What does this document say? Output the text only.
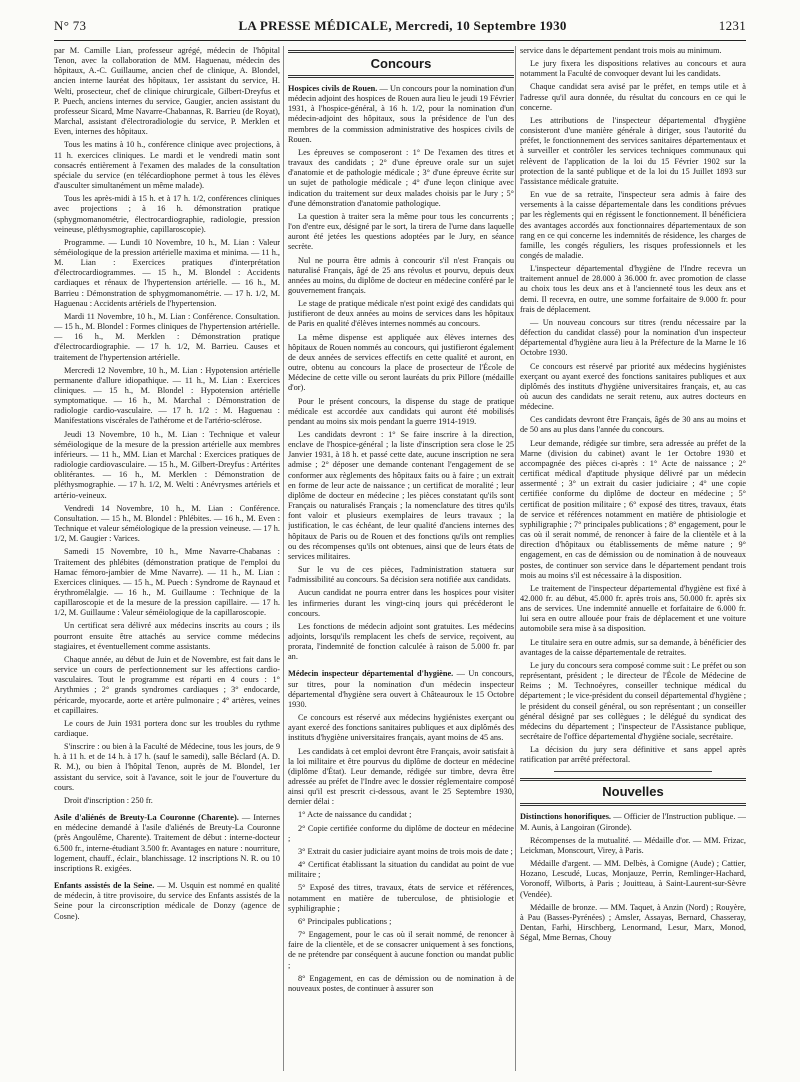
N° 73	LA PRESSE MÉDICALE, Mercredi, 10 Septembre 1930	1231

par M. Camille Lian, professeur agrégé, médecin de l'hôpital Tenon, avec la collaboration de MM. Haguenau, médecin des hôpitaux, A.-C. Guillaume, ancien chef de clinique, A. Blondel, ancien interne lauréat des hôpitaux, 1er assistant du service, H. Welti, prosecteur, chef de clinique chirurgicale, Gilbert-Dreyfus et P. Puech, anciens internes du service, Gaugier, ancien assistant du professeur Sicard, Mme Navarre-Chabannas, R. Barrieu (de Royat), Marchal, assistant d'électroradiologie du service, P. Merklen et Even, internes des hôpitaux.

Tous les matins à 10 h., conférence clinique avec projections, à 11 h. exercices cliniques. Le mardi et le vendredi matin sont consacrés entièrement à l'examen des malades de la consultation spéciale du service (en télécardiophone permet à tous les élèves d'ausculter simultanément un même malade).

Tous les après-midi à 15 h. et à 17 h. 1/2, conférences cliniques avec projections ; à 16 h. démonstration pratique (sphygmomanométrie, électrocardiographie, radiologie, pression veineuse, pléthysmographie, capillaroscopie).

Programme. — Lundi 10 Novembre, 10 h., M. Lian : Valeur séméiologique de la pression artérielle maxima et minima. — 11 h., M. Lian : Exercices pratiques d'interprétation d'électrocardiogrammes. — 15 h., M. Blondel : Accidents cardiaques et rénaux de l'hypertension artérielle. — 16 h., M. Barrieu : Démonstration de sphygmomanométrie. — 17 h. 1/2, M. Haguenau : Accidents artériels de l'hypertension.

Mardi 11 Novembre, 10 h., M. Lian : Conférence. Consultation. — 15 h., M. Blondel : Formes cliniques de l'hypertension artérielle. — 16 h., M. Merklen : Démonstration pratique d'électrocardiographie. — 17 h. 1/2, M. Barrieu. Causes et traitement de l'hypertension artérielle.

Mercredi 12 Novembre, 10 h., M. Lian : Hypotension artérielle permanente d'allure idiopathique. — 11 h., M. Lian : Exercices cliniques. — 15 h., M. Blondel : Hypotension artérielle symptomatique. — 16 h., M. Marchal : Démonstration de radiologie cardio-vasculaire. — 17 h. 1/2 : M. Haguenau : Manifestations viscérales de l'athérome et de l'artério-sclérose.

Jeudi 13 Novembre, 10 h., M. Lian : Technique et valeur séméiologique de la mesure de la pression artérielle aux membres inférieurs. — 11 h., MM. Lian et Marchal : Exercices pratiques de radiologie cardiovasculaire. — 15 h., M. Gilbert-Dreyfus : Artérites oblitérantes. — 16 h., M. Merklen : Démonstration de pléthysmographie. — 17 h. 1/2, M. Welti : Anévrysmes artériels et artério-veineux.

Vendredi 14 Novembre, 10 h., M. Lian : Conférence. Consultation. — 15 h., M. Blondel : Phlébites. — 16 h., M. Even : Technique et valeur séméiologique de la pression veineuse. — 17 h. 1/2, M. Gaugier : Varices.

Samedi 15 Novembre, 10 h., Mme Navarre-Chabanas : Traitement des phlébites (démonstration pratique de l'emploi du Hamac fémoro-jambier de Mme Navarre). — 11 h., M. Lian : Exercices cliniques. — 15 h., M. Puech : Syndrome de Raynaud et érythromélalgie. — 16 h., M. Guillaume : Technique de la capillaroscopie et de la mesure de la pression capillaire. — 17 h. 1/2, M. Guillaume : Valeur séméiologique de la capillaroscopie.

Un certificat sera délivré aux médecins inscrits au cours ; ils pourront ensuite être attachés au service comme médecins stagiaires, et éventuellement comme assistants.

Chaque année, au début de Juin et de Novembre, est fait dans le service un cours de perfectionnement sur les affections cardio-vasculaires. Tout le programme est réparti en 4 cours : 1° Arythmies ; 2° grands syndromes cardiaques ; 3° endocarde, péricarde, myocarde, aorte et artère pulmonaire ; 4° artères, veines et capillaires.

Le cours de Juin 1931 portera donc sur les troubles du rythme cardiaque.

S'inscrire : ou bien à la Faculté de Médecine, tous les jours, de 9 h. à 11 h. et de 14 h. à 17 h. (sauf le samedi), salle Béclard (A. D. R. M.), ou bien à l'hôpital Tenon, auprès de M. Blondel, 1er assistant du service, soit à l'avance, soit le jour de l'ouverture du cours.

Droit d'inscription : 250 fr.

Asile d'aliénés de Breuty-La Couronne (Charente). — Internes en médecine demandé à l'asile d'aliénés de Breuty-La Couronne (près Angoulême, Charente). Traitement de début : interne-docteur 6.500 fr., interne-étudiant 3.500 fr. Avantages en nature : nourriture, logement, chauff., éclair., blanchissage. 12 inscriptions N. R. ou 10 inscriptions R. exigées.

Enfants assistés de la Seine. — M. Usquin est nommé en qualité de médecin, à titre provisoire, du service des Enfants assistés de la Seine pour la circonscription médicale de Donzy (agence de Cosne).

Concours

Hospices civils de Rouen. — Un concours pour la nomination d'un médecin adjoint des hospices de Rouen aura lieu le jeudi 19 Février 1931, à l'hospice-général, à 16 h. 1/2, pour la nomination d'un médecin-adjoint des hôpitaux, sous la présidence de l'un des membres de la commission administrative des hospices civils de Rouen.

Les épreuves se composeront : 1° De l'examen des titres et travaux des candidats ; 2° d'une épreuve orale sur un sujet d'anatomie et de pathologie médicale ; 3° d'une épreuve écrite sur un sujet de pathologie médicale ; 4° d'une leçon clinique avec indication du traitement sur deux malades choisis par le Jury ; 5° d'une démonstration d'anatomie pathologique.

La question à traiter sera la même pour tous les concurrents ; l'on d'entre eux, désigné par le sort, la tirera de l'urne dans laquelle auront été jetées les questions adoptées par le Jury, en séance secrète.

Nul ne pourra être admis à concourir s'il n'est Français ou naturalisé Français, âgé de 25 ans révolus et pourvu, depuis deux années au moins, du diplôme de docteur en médecine conféré par le gouvernement français.

Le stage de pratique médicale n'est point exigé des candidats qui justifieront de deux années au moins de services dans les hôpitaux de Paris en qualité d'élèves internes nommés au concours.

La même dispense est appliquée aux élèves internes des hôpitaux de Rouen nommés au concours, qui justifieront également de deux années de services effectifs en cette qualité et auront, en outre, obtenu au concours la place de prosecteur de l'École de Médecine de cette ville ou seront lauréats du prix Pillore (médaille d'or).

Pour le présent concours, la dispense du stage de pratique médicale est accordée aux candidats qui auront été mobilisés pendant au moins six mois pendant la guerre 1914-1919.

Les candidats devront : 1° Se faire inscrire à la direction, enclave de l'hospice-général ; la liste d'inscription sera close le 25 Janvier 1931, à 18 h. et passé cette date, aucune inscription ne sera admise ; 2° déposer une demande contenant l'engagement de se conformer aux règlements des hôpitaux faits ou à faire ; un extrait en forme de leur acte de naissance ; un certificat de moralité ; leur diplôme de docteur en médecine ; les pièces constatant qu'ils sont Français ou naturalisés Français ; la nomenclature des titres qu'ils font valoir et plusieurs exemplaires de leurs travaux ; la justification, le cas échéant, de leur qualité d'anciens internes des hôpitaux de Paris ou de Rouen et des fonctions qu'ils ont remplies ou des récompenses qu'ils ont obtenues, ainsi que de leurs états de services militaires.

Sur le vu de ces pièces, l'administration statuera sur l'admissibilité au concours. Sa décision sera notifiée aux candidats.

Aucun candidat ne pourra entrer dans les hospices pour visiter les infirmeries durant les vingt-cinq jours qui précéderont le concours.

Les fonctions de médecin adjoint sont gratuites. Les médecins adjoints, lorsqu'ils remplacent les chefs de service, reçoivent, au prorata, l'indemnité de fonction calculée à raison de 5.000 fr. par an.

Médecin inspecteur départemental d'hygiène. — Un concours, sur titres, pour la nomination d'un médecin inspecteur départemental d'hygiène sera ouvert à Châteauroux le 15 Octobre 1930.

Ce concours est réservé aux médecins hygiénistes exerçant ou ayant exercé des fonctions sanitaires publiques et aux diplômés des instituts d'hygiène universitaires français, ayant moins de 45 ans.

Les candidats à cet emploi devront être Français, avoir satisfait à la loi militaire et être pourvus du diplôme de docteur en médecine (diplôme d'État). Leur demande, rédigée sur timbre, devra être adressée au préfet de l'Indre avec le dossier réglementaire composé ainsi qu'il est prescrit ci-dessous, avant le 25 Septembre 1930, dernier délai :

1° Acte de naissance du candidat ;

2° Copie certifiée conforme du diplôme de docteur en médecine ;

3° Extrait du casier judiciaire ayant moins de trois mois de date ;

4° Certificat établissant la situation du candidat au point de vue militaire ;

5° Exposé des titres, travaux, états de service et références, notamment en matière de tuberculose, de phtisiologie et syphiligraphie ;

6° Principales publications ;

7° Engagement, pour le cas où il serait nommé, de renoncer à faire de la clientèle, et de se consacrer uniquement à ses fonctions, de ne prétendre par conséquent à aucune fonction ou mandat public ;

8° Engagement, en cas de démission ou de nomination à de nouveaux postes, de continuer à assurer son

service dans le département pendant trois mois au minimum.

Le jury fixera les dispositions relatives au concours et aura notamment la Faculté de convoquer devant lui les candidats.

Chaque candidat sera avisé par le préfet, en temps utile et à l'adresse qu'il aura donnée, du résultat du concours en ce qui le concerne.

Les attributions de l'inspecteur départemental d'hygiène consisteront d'une manière générale à diriger, sous l'autorité du préfet, le fonctionnement des services sanitaires départementaux et à surveiller et contrôler les services techniques communaux qui relèvent de l'application de la loi du 15 Février 1902 sur la protection de la santé publique et de la loi du 15 Juillet 1893 sur l'assistance médicale gratuite.

En vue de sa retraite, l'inspecteur sera admis à faire des versements à la caisse départementale dans les conditions prévues par les règlements qui en régissent le fonctionnement. Il bénéficiera des avantages accordés aux fonctionnaires départementaux de son rang en ce qui concerne les indemnités de résidence, les charges de famille, les congés réguliers, les risques professionnels et les congés de maladie.

L'inspecteur départemental d'hygiène de l'Indre recevra un traitement annuel de 28.000 à 36.000 fr. avec promotion de classe au choix tous les deux ans et à l'ancienneté tous les deux ans et demi. Il recevra, en outre, une somme forfaitaire de 9.000 fr. pour frais de déplacement.

— Un nouveau concours sur titres (rendu nécessaire par la défection du candidat classé) pour la nomination d'un inspecteur départemental d'hygiène aura lieu à la Préfecture de la Marne le 16 Octobre 1930.

Ce concours est réservé par priorité aux médecins hygiénistes exerçant ou ayant exercé des fonctions sanitaires publiques et aux diplômés des instituts d'hygiène universitaires français, et, au cas où aucun des candidats ne serait retenu, aux autres docteurs en médecine.

Ces candidats devront être Français, âgés de 30 ans au moins et de 50 ans au plus dans l'année du concours.

Leur demande, rédigée sur timbre, sera adressée au préfet de la Marne (division du cabinet) avant le 1er Octobre 1930 et accompagnée des pièces ci-après : 1° Acte de naissance ; 2° certificat médical d'aptitude physique délivré par un médecin assermenté ; 3° un extrait du casier judiciaire ; 4° une copie certifiée conforme du diplôme de docteur en médecine ; 5° certificat de position militaire ; 6° exposé des titres, travaux, états de service et références notamment en matière de phtisiologie et syphiligraphie ; 7° principales publications ; 8° engagement, pour le cas où il serait nommé, de renoncer à faire de la clientèle et à la direction d'hôpitaux ou établissements de même nature ; 9° engagement, en cas de démission ou de nomination à de nouveaux postes, de continuer son service dans le département pendant trois mois au moins s'il est nécessaire à la disposition.

Le traitement de l'inspecteur départemental d'hygiène est fixé à 42.000 fr. au début, 45.000 fr. après trois ans, 50.000 fr. après six ans de services. Une indemnité annuelle et forfaitaire de 6.000 fr. lui sera en outre allouée pour frais de déplacement et une voiture automobile sera mise à sa disposition.

Le titulaire sera en outre admis, sur sa demande, à bénéficier des avantages de la caisse départementale de retraites.

Le jury du concours sera composé comme suit : Le préfet ou son représentant, président ; le directeur de l'École de Médecine de Reims ; M. Technoéyres, conseiller technique médical du département ; le vice-président du conseil départemental d'hygiène ; le président du conseil général, ou son représentant ; un conseiller général désigné par ses collègues ; le délégué du syndicat des médecins du département ; l'inspecteur de l'Assistance publique, secrétaire de l'office départemental d'hygiène sociale, secrétaire.

La décision du jury sera définitive et sans appel après ratification par arrêté préfectoral.

Nouvelles

Distinctions honorifiques. — Officier de l'Instruction publique. — M. Aunis, à Langoiran (Gironde).

Récompenses de la mutualité. — Médaille d'or. — MM. Frizac, Leickman, Monscourt, Virey, à Paris.

Médaille d'argent. — MM. Delbès, à Comigne (Aude) ; Cattier, Hozano, Lescudé, Lucas, Monjauze, Perrin, Remlinger-Hachard, Voronoff, Wilborts, à Paris ; Jouitteau, à Saint-Laurent-sur-Sèvre (Vendée).

Médaille de bronze. — MM. Taquet, à Anzin (Nord) ; Rouyère, à Pau (Basses-Pyrénées) ; Amsler, Assayas, Bernard, Chasseray, Dentan, Farhi, Hirschberg, Lenormand, Lesur, Marx, Monod, Ségal, Mme Bernas, Chouy
